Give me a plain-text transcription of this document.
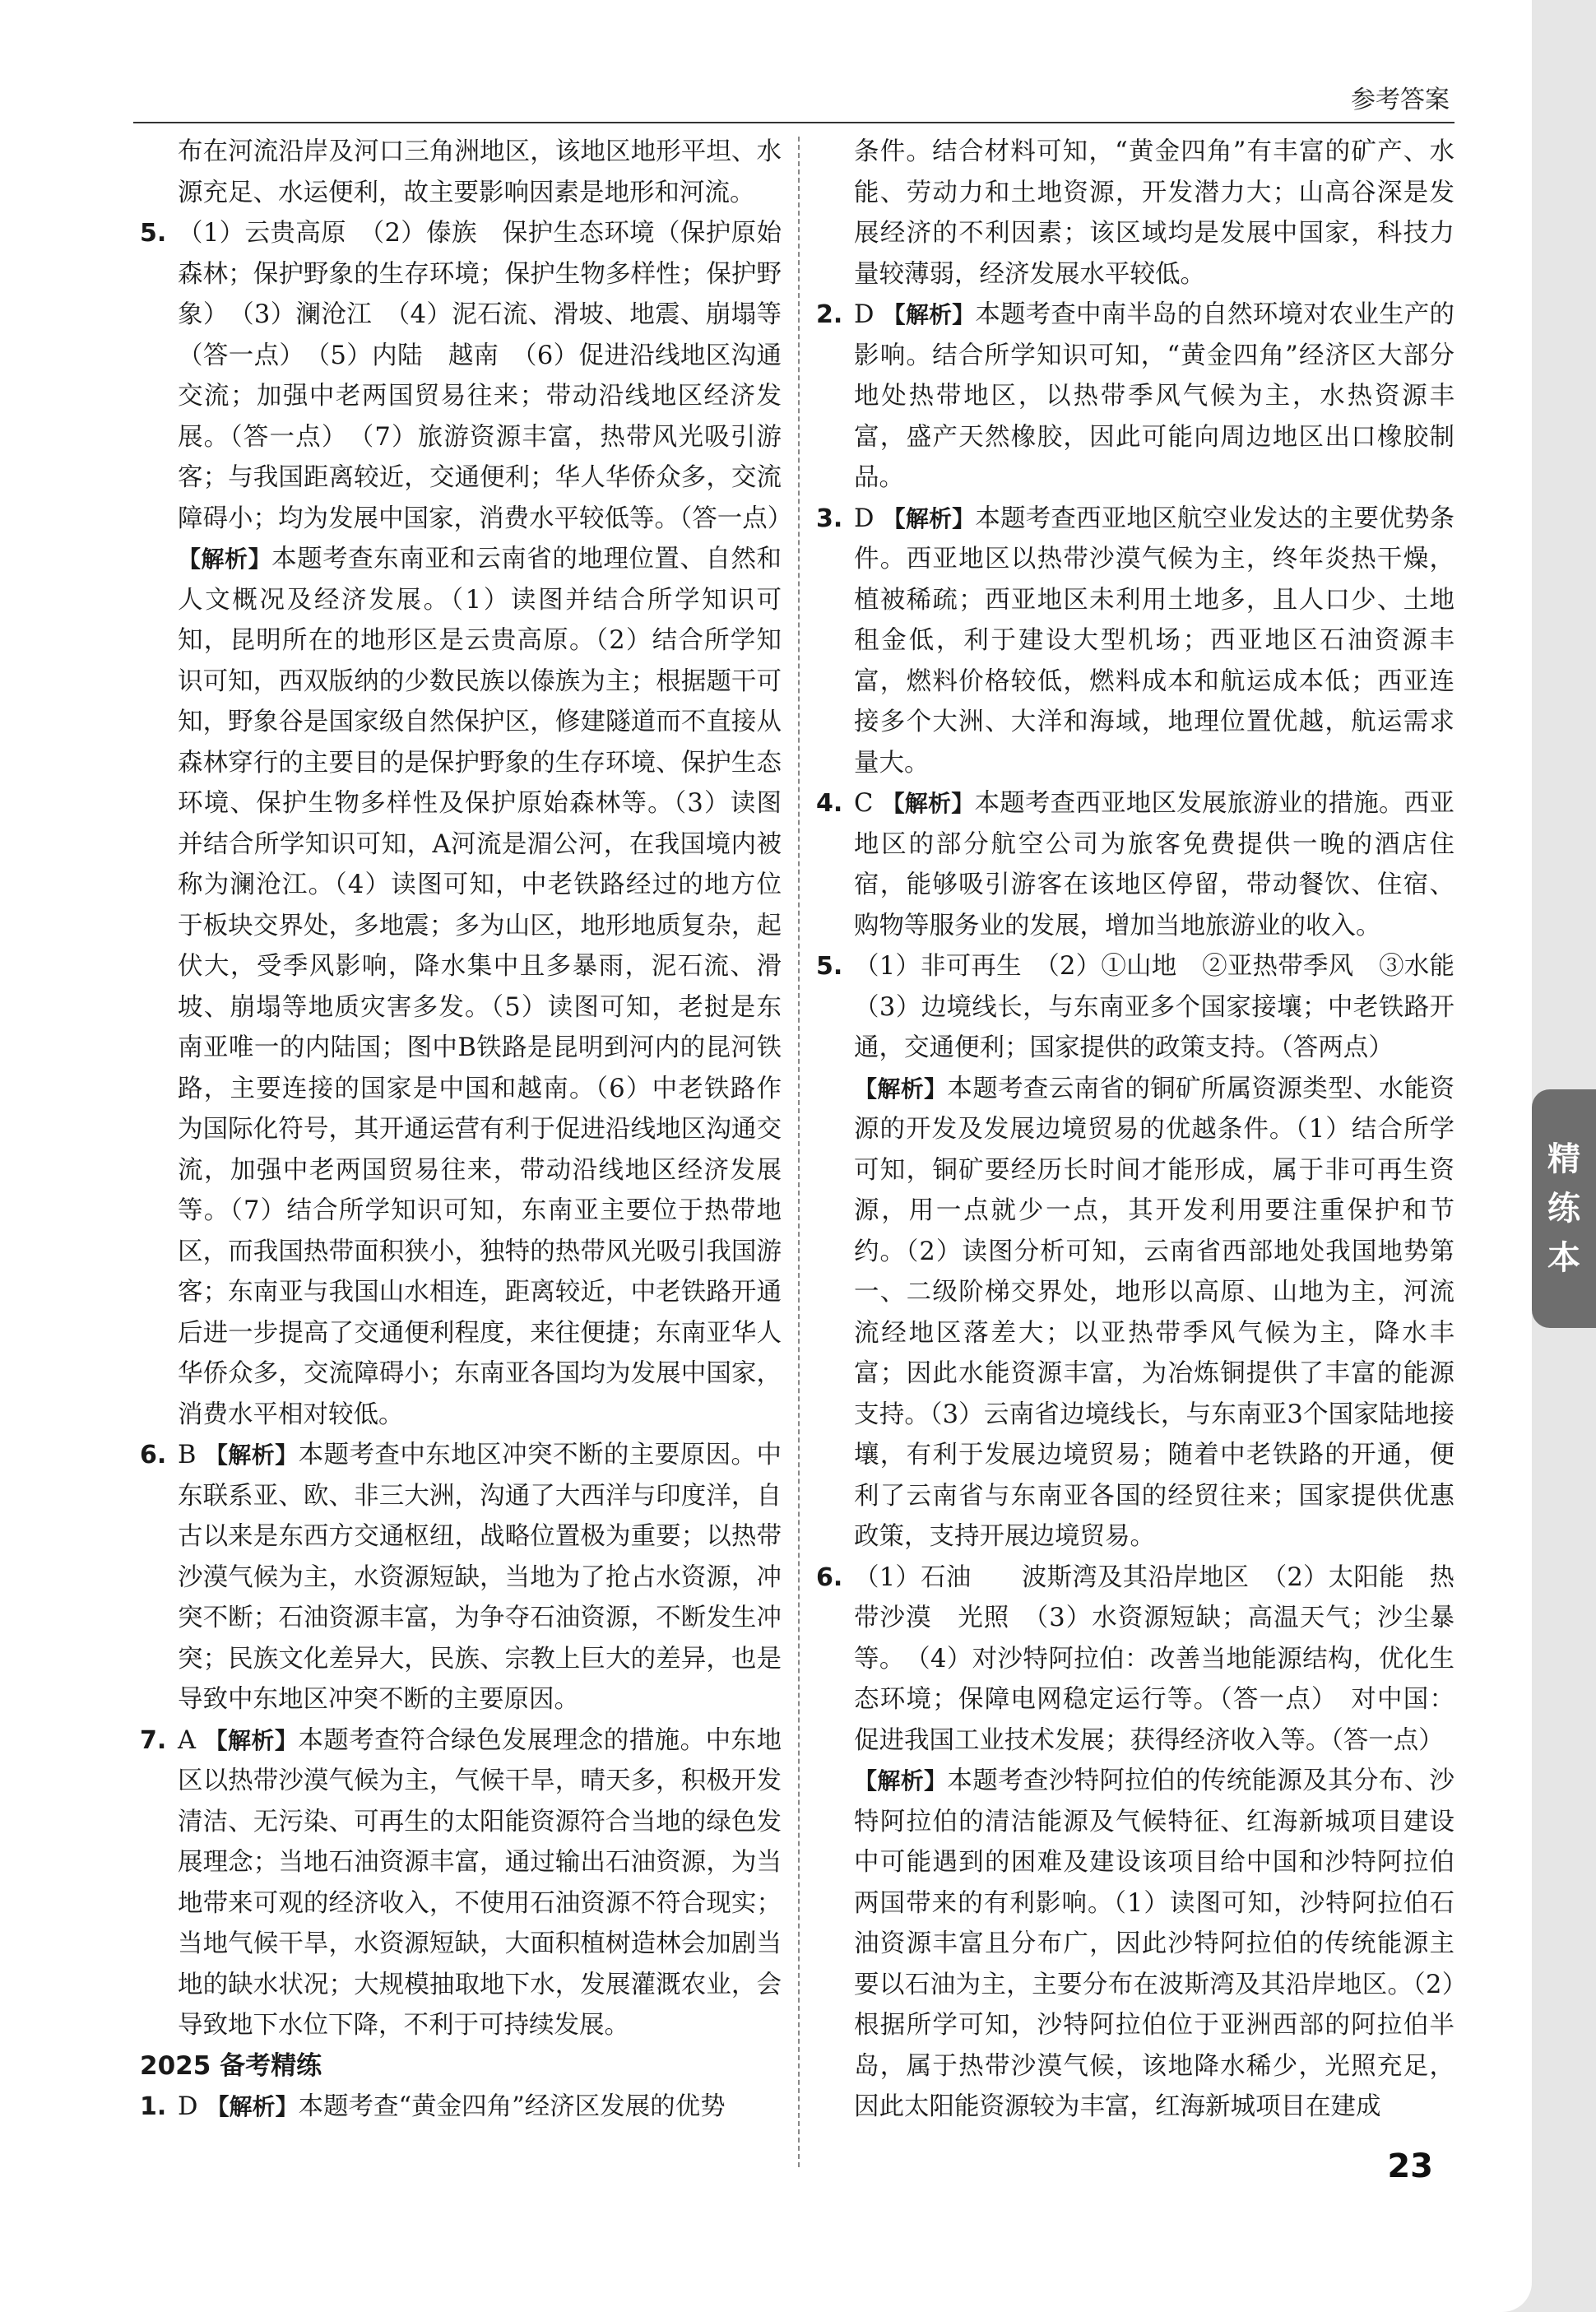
参考答案

布在河流沿岸及河口三角洲地区，该地区地形平坦、水源充足、水运便利，故主要影响因素是地形和河流。

5. （1）云贵高原　（2）傣族　保护生态环境（保护原始森林；保护野象的生存环境；保护生物多样性；保护野象）　（3）澜沧江　（4）泥石流、滑坡、地震、崩塌等（答一点）　（5）内陆　越南　（6）促进沿线地区沟通交流；加强中老两国贸易往来；带动沿线地区经济发展。（答一点）　（7）旅游资源丰富，热带风光吸引游客；与我国距离较近，交通便利；华人华侨众多，交流障碍小；均为发展中国家，消费水平较低等。（答一点）

【解析】本题考查东南亚和云南省的地理位置、自然和人文概况及经济发展。（1）读图并结合所学知识可知，昆明所在的地形区是云贵高原。（2）结合所学知识可知，西双版纳的少数民族以傣族为主；根据题干可知，野象谷是国家级自然保护区，修建隧道而不直接从森林穿行的主要目的是保护野象的生存环境、保护生态环境、保护生物多样性及保护原始森林等。（3）读图并结合所学知识可知，A河流是湄公河，在我国境内被称为澜沧江。（4）读图可知，中老铁路经过的地方位于板块交界处，多地震；多为山区，地形地质复杂，起伏大，受季风影响，降水集中且多暴雨，泥石流、滑坡、崩塌等地质灾害多发。（5）读图可知，老挝是东南亚唯一的内陆国；图中B铁路是昆明到河内的昆河铁路，主要连接的国家是中国和越南。（6）中老铁路作为国际化符号，其开通运营有利于促进沿线地区沟通交流，加强中老两国贸易往来，带动沿线地区经济发展等。（7）结合所学知识可知，东南亚主要位于热带地区，而我国热带面积狭小，独特的热带风光吸引我国游客；东南亚与我国山水相连，距离较近，中老铁路开通后进一步提高了交通便利程度，来往便捷；东南亚华人华侨众多，交流障碍小；东南亚各国均为发展中国家，消费水平相对较低。

6. B 【解析】本题考查中东地区冲突不断的主要原因。中东联系亚、欧、非三大洲，沟通了大西洋与印度洋，自古以来是东西方交通枢纽，战略位置极为重要；以热带沙漠气候为主，水资源短缺，当地为了抢占水资源，冲突不断；石油资源丰富，为争夺石油资源，不断发生冲突；民族文化差异大，民族、宗教上巨大的差异，也是导致中东地区冲突不断的主要原因。
7. A 【解析】本题考查符合绿色发展理念的措施。中东地区以热带沙漠气候为主，气候干旱，晴天多，积极开发清洁、无污染、可再生的太阳能资源符合当地的绿色发展理念；当地石油资源丰富，通过输出石油资源，为当地带来可观的经济收入，不使用石油资源不符合现实；当地气候干旱，水资源短缺，大面积植树造林会加剧当地的缺水状况；大规模抽取地下水，发展灌溉农业，会导致地下水位下降，不利于可持续发展。

2025 备考精练

1. D 【解析】本题考查“黄金四角”经济区发展的优势

条件。结合材料可知，“黄金四角”有丰富的矿产、水能、劳动力和土地资源，开发潜力大；山高谷深是发展经济的不利因素；该区域均是发展中国家，科技力量较薄弱，经济发展水平较低。

2. D 【解析】本题考查中南半岛的自然环境对农业生产的影响。结合所学知识可知，“黄金四角”经济区大部分地处热带地区，以热带季风气候为主，水热资源丰富，盛产天然橡胶，因此可能向周边地区出口橡胶制品。
3. D 【解析】本题考查西亚地区航空业发达的主要优势条件。西亚地区以热带沙漠气候为主，终年炎热干燥，植被稀疏；西亚地区未利用土地多，且人口少、土地租金低，利于建设大型机场；西亚地区石油资源丰富，燃料价格较低，燃料成本和航运成本低；西亚连接多个大洲、大洋和海域，地理位置优越，航运需求量大。
4. C 【解析】本题考查西亚地区发展旅游业的措施。西亚地区的部分航空公司为旅客免费提供一晚的酒店住宿，能够吸引游客在该地区停留，带动餐饮、住宿、购物等服务业的发展，增加当地旅游业的收入。
5. （1）非可再生　（2）①山地　②亚热带季风　③水能　（3）边境线长，与东南亚多个国家接壤；中老铁路开通，交通便利；国家提供的政策支持。（答两点）

【解析】本题考查云南省的铜矿所属资源类型、水能资源的开发及发展边境贸易的优越条件。（1）结合所学可知，铜矿要经历长时间才能形成，属于非可再生资源，用一点就少一点，其开发利用要注重保护和节约。（2）读图分析可知，云南省西部地处我国地势第一、二级阶梯交界处，地形以高原、山地为主，河流流经地区落差大；以亚热带季风气候为主，降水丰富；因此水能资源丰富，为冶炼铜提供了丰富的能源支持。（3）云南省边境线长，与东南亚3个国家陆地接壤，有利于发展边境贸易；随着中老铁路的开通，便利了云南省与东南亚各国的经贸往来；国家提供优惠政策，支持开展边境贸易。

6. （1）石油　　波斯湾及其沿岸地区　（2）太阳能　热带沙漠　光照　（3）水资源短缺；高温天气；沙尘暴等。　（4）对沙特阿拉伯：改善当地能源结构，优化生态环境；保障电网稳定运行等。（答一点）　对中国：促进我国工业技术发展；获得经济收入等。（答一点）

【解析】本题考查沙特阿拉伯的传统能源及其分布、沙特阿拉伯的清洁能源及气候特征、红海新城项目建设中可能遇到的困难及建设该项目给中国和沙特阿拉伯两国带来的有利影响。（1）读图可知，沙特阿拉伯石油资源丰富且分布广，因此沙特阿拉伯的传统能源主要以石油为主，主要分布在波斯湾及其沿岸地区。（2）根据所学可知，沙特阿拉伯位于亚洲西部的阿拉伯半岛，属于热带沙漠气候，该地降水稀少，光照充足，因此太阳能资源较为丰富，红海新城项目在建成

23
精
练
本
